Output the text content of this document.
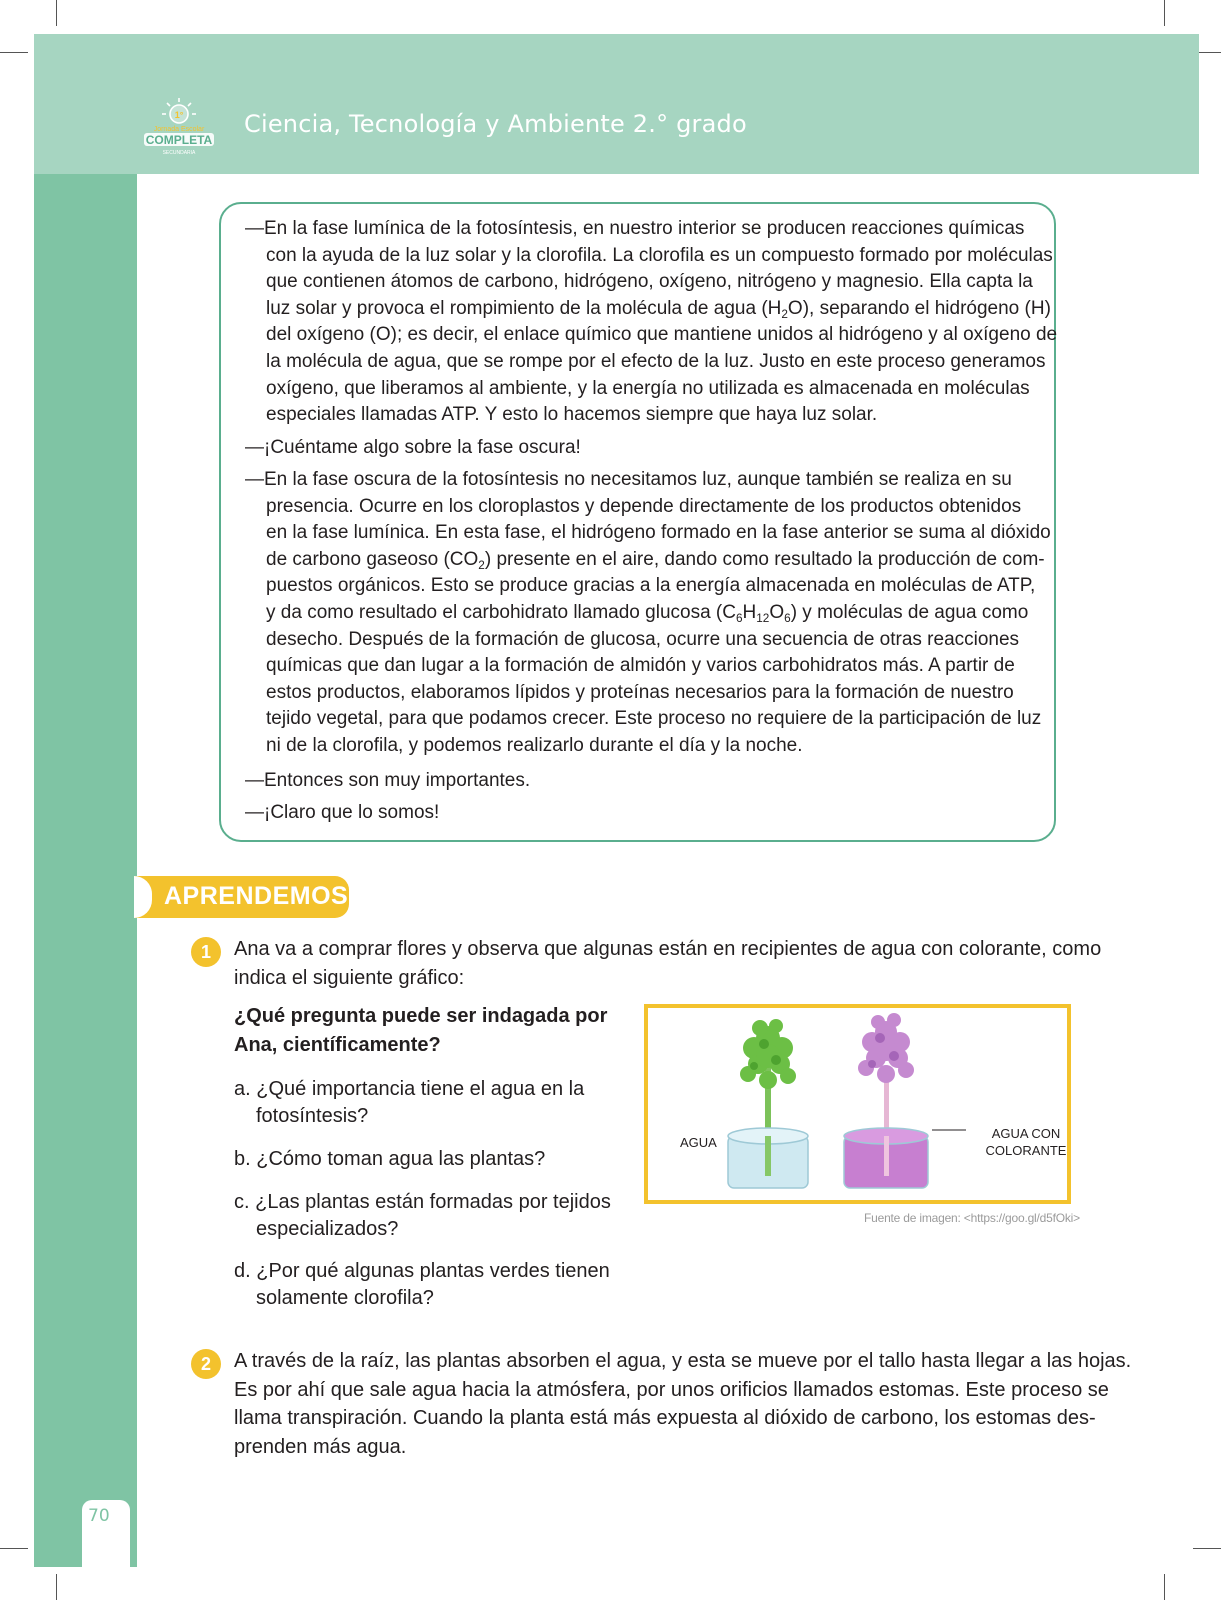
1°
Jornada Escolar
COMPLETA
SECUNDARIA
Ciencia, Tecnología y Ambiente 2.° grado
70
—En la fase lumínica de la fotosíntesis, en nuestro interior se producen reacciones químicas
con la ayuda de la luz solar y la clorofila. La clorofila es un compuesto formado por moléculas
que contienen átomos de carbono, hidrógeno, oxígeno, nitrógeno y magnesio. Ella capta la
luz solar y provoca el rompimiento de la molécula de agua $(H_2O)$, separando el hidrógeno (H)
del oxígeno (O); es decir, el enlace químico que mantiene unidos al hidrógeno y al oxígeno de
la molécula de agua, que se rompe por el efecto de la luz. Justo en este proceso generamos
oxígeno, que liberamos al ambiente, y la energía no utilizada es almacenada en moléculas
especiales llamadas ATP. Y esto lo hacemos siempre que haya luz solar.
—¡Cuéntame algo sobre la fase oscura!
—En la fase oscura de la fotosíntesis no necesitamos luz, aunque también se realiza en su
presencia. Ocurre en los cloroplastos y depende directamente de los productos obtenidos
en la fase lumínica. En esta fase, el hidrógeno formado en la fase anterior se suma al dióxido
de carbono gaseoso $(CO_2)$ presente en el aire, dando como resultado la producción de com-
puestos orgánicos. Esto se produce gracias a la energía almacenada en moléculas de ATP,
y da como resultado el carbohidrato llamado glucosa $(C_6H_{12}O_6)$ y moléculas de agua como
desecho. Después de la formación de glucosa, ocurre una secuencia de otras reacciones
químicas que dan lugar a la formación de almidón y varios carbohidratos más. A partir de
estos productos, elaboramos lípidos y proteínas necesarios para la formación de nuestro
tejido vegetal, para que podamos crecer. Este proceso no requiere de la participación de luz
ni de la clorofila, y podemos realizarlo durante el día y la noche.
—Entonces son muy importantes.
—¡Claro que lo somos!
APRENDEMOS
1	Ana va a comprar flores y observa que algunas están en recipientes de agua con colorante, como
indica el siguiente gráfico:
¿Qué pregunta puede ser indagada por
Ana, científicamente?
a. ¿Qué importancia tiene el agua en la
fotosíntesis?
b. ¿Cómo toman agua las plantas?
c. ¿Las plantas están formadas por tejidos
especializados?
d. ¿Por qué algunas plantas verdes tienen
solamente clorofila?
AGUA
AGUA CON
COLORANTE
Fuente de imagen: <https://goo.gl/d5fOki>
2	A través de la raíz, las plantas absorben el agua, y esta se mueve por el tallo hasta llegar a las hojas.
Es por ahí que sale agua hacia la atmósfera, por unos orificios llamados estomas. Este proceso se
llama transpiración. Cuando la planta está más expuesta al dióxido de carbono, los estomas des-
prenden más agua.
